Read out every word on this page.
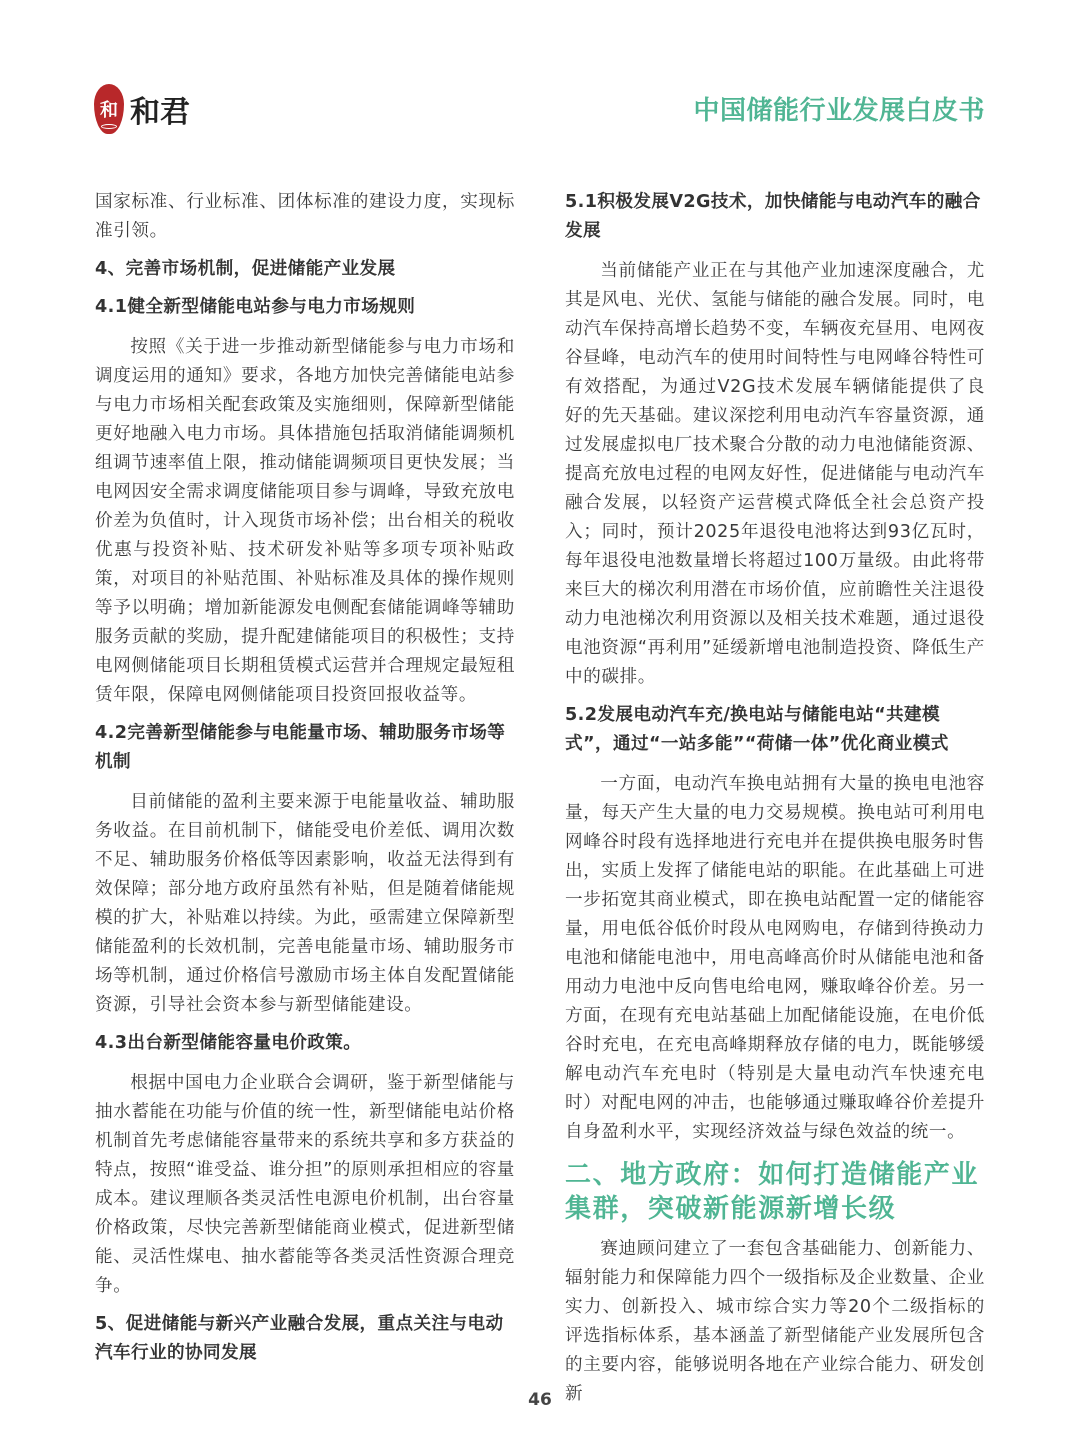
和 和君	中国储能行业发展白皮书

国家标准、行业标准、团体标准的建设力度，实现标准引领。

4、完善市场机制，促进储能产业发展
4.1健全新型储能电站参与电力市场规则

按照《关于进一步推动新型储能参与电力市场和调度运用的通知》要求，各地方加快完善储能电站参与电力市场相关配套政策及实施细则，保障新型储能更好地融入电力市场。具体措施包括取消储能调频机组调节速率值上限，推动储能调频项目更快发展；当电网因安全需求调度储能项目参与调峰，导致充放电价差为负值时，计入现货市场补偿；出台相关的税收优惠与投资补贴、技术研发补贴等多项专项补贴政策，对项目的补贴范围、补贴标准及具体的操作规则等予以明确；增加新能源发电侧配套储能调峰等辅助服务贡献的奖励，提升配建储能项目的积极性；支持电网侧储能项目长期租赁模式运营并合理规定最短租赁年限，保障电网侧储能项目投资回报收益等。

4.2完善新型储能参与电能量市场、辅助服务市场等机制

目前储能的盈利主要来源于电能量收益、辅助服务收益。在目前机制下，储能受电价差低、调用次数不足、辅助服务价格低等因素影响，收益无法得到有效保障；部分地方政府虽然有补贴，但是随着储能规模的扩大，补贴难以持续。为此，亟需建立保障新型储能盈利的长效机制，完善电能量市场、辅助服务市场等机制，通过价格信号激励市场主体自发配置储能资源，引导社会资本参与新型储能建设。

4.3出台新型储能容量电价政策。

根据中国电力企业联合会调研，鉴于新型储能与抽水蓄能在功能与价值的统一性，新型储能电站价格机制首先考虑储能容量带来的系统共享和多方获益的特点，按照“谁受益、谁分担”的原则承担相应的容量成本。建议理顺各类灵活性电源电价机制，出台容量价格政策，尽快完善新型储能商业模式，促进新型储能、灵活性煤电、抽水蓄能等各类灵活性资源合理竞争。

5、促进储能与新兴产业融合发展，重点关注与电动汽车行业的协同发展
5.1积极发展V2G技术，加快储能与电动汽车的融合发展

当前储能产业正在与其他产业加速深度融合，尤其是风电、光伏、氢能与储能的融合发展。同时，电动汽车保持高增长趋势不变，车辆夜充昼用、电网夜谷昼峰，电动汽车的使用时间特性与电网峰谷特性可有效搭配，为通过V2G技术发展车辆储能提供了良好的先天基础。建议深挖利用电动汽车容量资源，通过发展虚拟电厂技术聚合分散的动力电池储能资源、提高充放电过程的电网友好性，促进储能与电动汽车融合发展，以轻资产运营模式降低全社会总资产投入；同时，预计2025年退役电池将达到93亿瓦时，每年退役电池数量增长将超过100万量级。由此将带来巨大的梯次利用潜在市场价值，应前瞻性关注退役动力电池梯次利用资源以及相关技术难题，通过退役电池资源“再利用”延缓新增电池制造投资、降低生产中的碳排。

5.2发展电动汽车充/换电站与储能电站“共建模式”，通过“一站多能”“荷储一体”优化商业模式

一方面，电动汽车换电站拥有大量的换电电池容量，每天产生大量的电力交易规模。换电站可利用电网峰谷时段有选择地进行充电并在提供换电服务时售出，实质上发挥了储能电站的职能。在此基础上可进一步拓宽其商业模式，即在换电站配置一定的储能容量，用电低谷低价时段从电网购电，存储到待换动力电池和储能电池中，用电高峰高价时从储能电池和备用动力电池中反向售电给电网，赚取峰谷价差。另一方面，在现有充电站基础上加配储能设施，在电价低谷时充电，在充电高峰期释放存储的电力，既能够缓解电动汽车充电时（特别是大量电动汽车快速充电时）对配电网的冲击，也能够通过赚取峰谷价差提升自身盈利水平，实现经济效益与绿色效益的统一。

二、地方政府：如何打造储能产业集群，突破新能源新增长级

赛迪顾问建立了一套包含基础能力、创新能力、辐射能力和保障能力四个一级指标及企业数量、企业实力、创新投入、城市综合实力等20个二级指标的评选指标体系，基本涵盖了新型储能产业发展所包含的主要内容，能够说明各地在产业综合能力、研发创新

46
